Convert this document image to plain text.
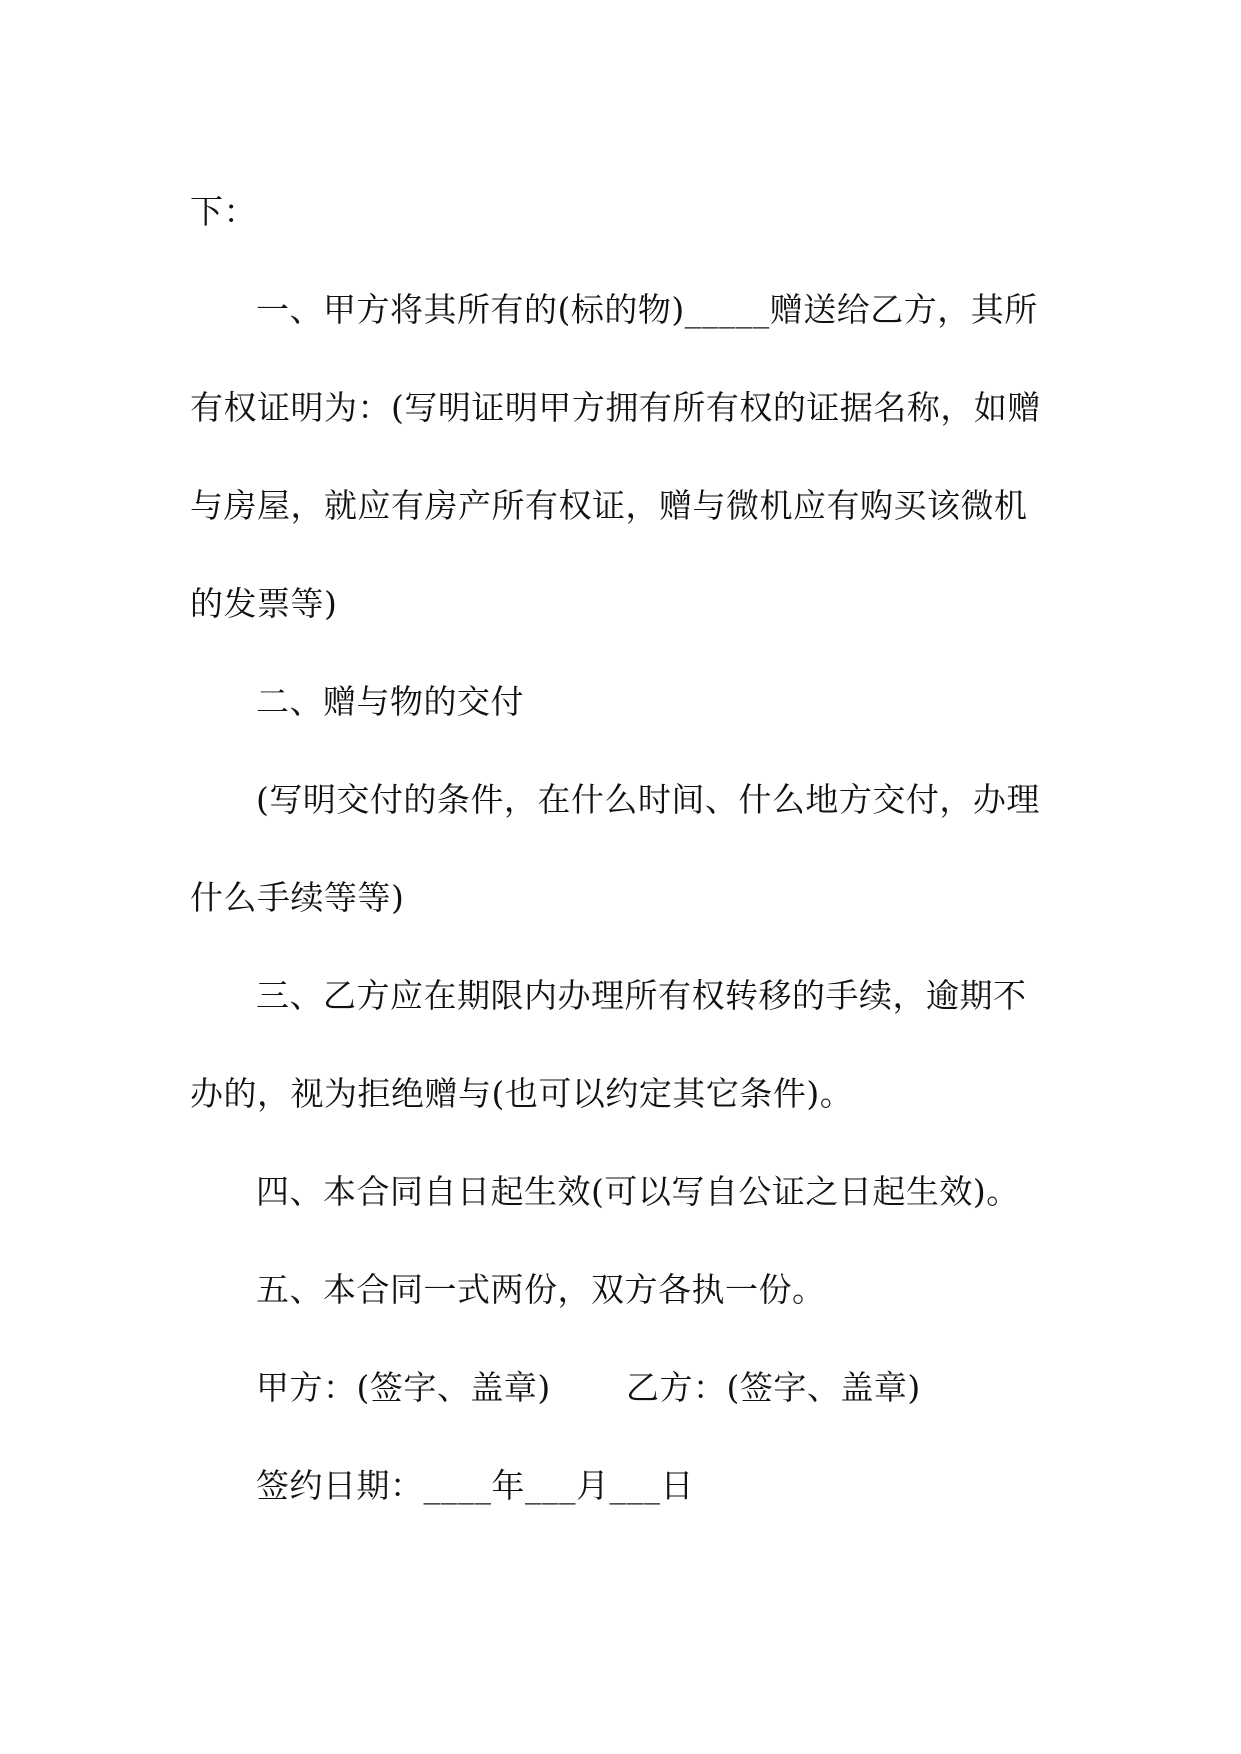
下：
一、甲方将其所有的(标的物)_____赠送给乙方，其所
有权证明为：(写明证明甲方拥有所有权的证据名称，如赠
与房屋，就应有房产所有权证，赠与微机应有购买该微机
的发票等)
二、赠与物的交付
(写明交付的条件，在什么时间、什么地方交付，办理
什么手续等等)
三、乙方应在期限内办理所有权转移的手续，逾期不
办的，视为拒绝赠与(也可以约定其它条件)。
四、本合同自日起生效(可以写自公证之日起生效)。
五、本合同一式两份，双方各执一份。
甲方：(签字、盖章)	乙方：(签字、盖章)
签约日期：____年___月___日
